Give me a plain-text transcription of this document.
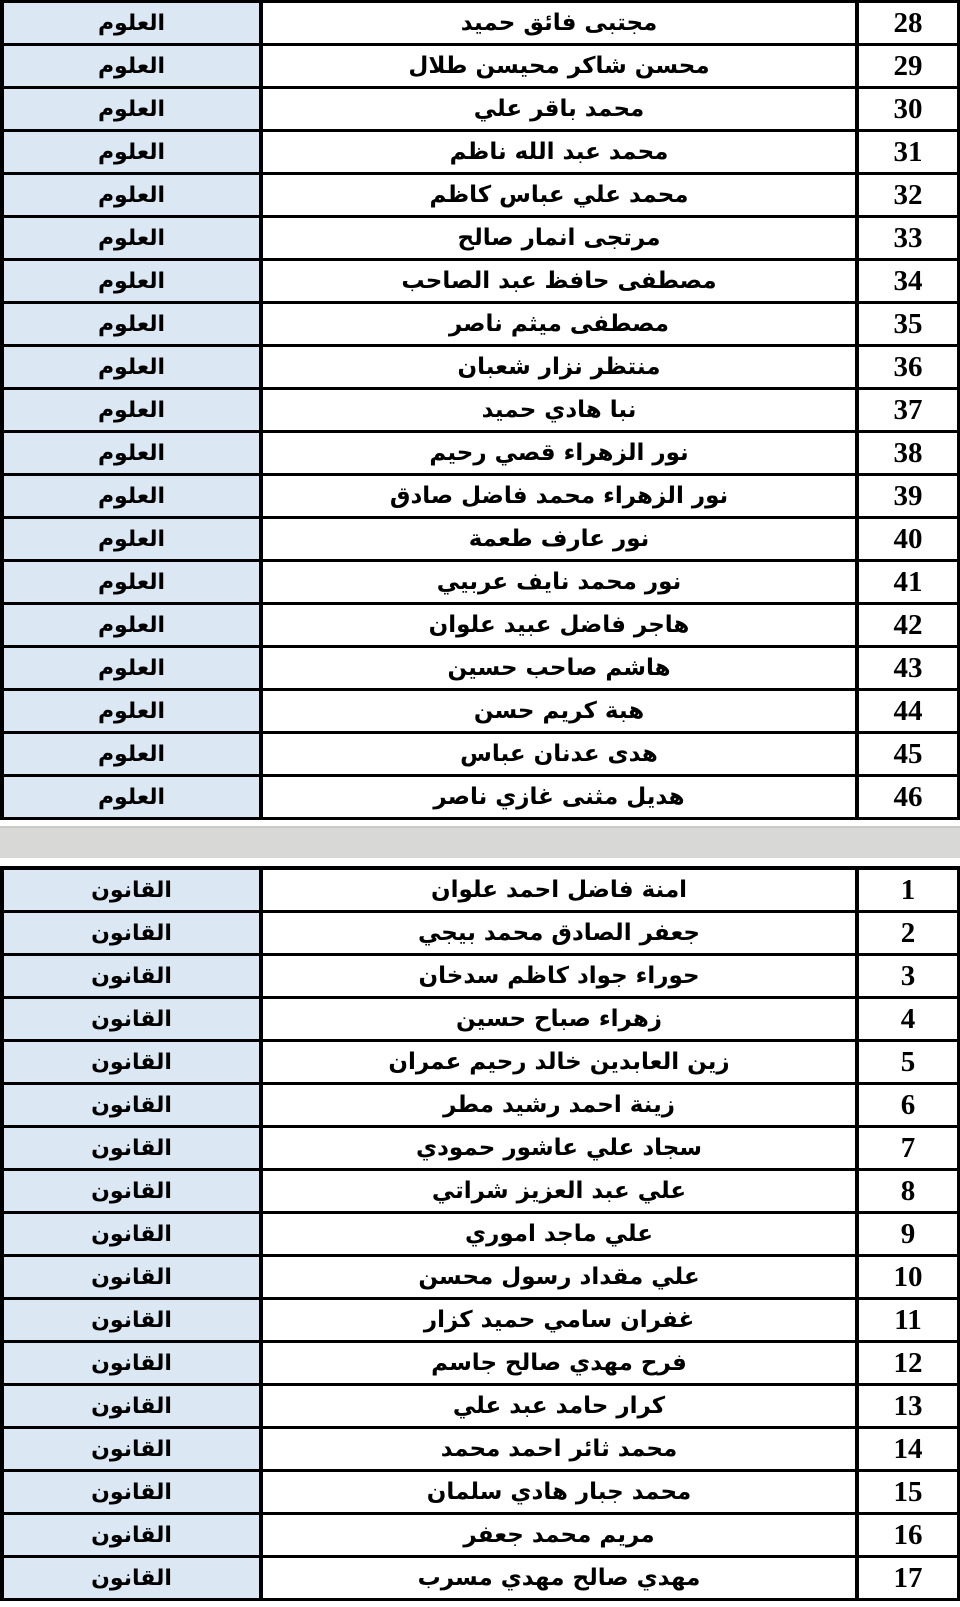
28
مجتبى فائق حميد
العلوم
29
محسن شاكر محيسن طلال
العلوم
30
محمد باقر علي
العلوم
31
محمد عبد الله ناظم
العلوم
32
محمد علي عباس كاظم
العلوم
33
مرتجى انمار صالح
العلوم
34
مصطفى حافظ عبد الصاحب
العلوم
35
مصطفى ميثم ناصر
العلوم
36
منتظر نزار شعبان
العلوم
37
نبا هادي حميد
العلوم
38
نور الزهراء قصي رحيم
العلوم
39
نور الزهراء محمد فاضل صادق
العلوم
40
نور عارف طعمة
العلوم
41
نور محمد نايف عربيي
العلوم
42
هاجر فاضل عبيد علوان
العلوم
43
هاشم صاحب حسين
العلوم
44
هبة كريم حسن
العلوم
45
هدى عدنان عباس
العلوم
46
هديل مثنى غازي ناصر
العلوم
1
امنة فاضل احمد علوان
القانون
2
جعفر الصادق محمد بيجي
القانون
3
حوراء جواد كاظم سدخان
القانون
4
زهراء صباح حسين
القانون
5
زين العابدين خالد رحيم عمران
القانون
6
زينة احمد رشيد مطر
القانون
7
سجاد علي عاشور حمودي
القانون
8
علي عبد العزيز شراتي
القانون
9
علي ماجد اموري
القانون
10
علي مقداد رسول محسن
القانون
11
غفران سامي حميد كزار
القانون
12
فرح مهدي صالح جاسم
القانون
13
كرار حامد عبد علي
القانون
14
محمد ثائر احمد محمد
القانون
15
محمد جبار هادي سلمان
القانون
16
مريم محمد جعفر
القانون
17
مهدي صالح مهدي مسرب
القانون
